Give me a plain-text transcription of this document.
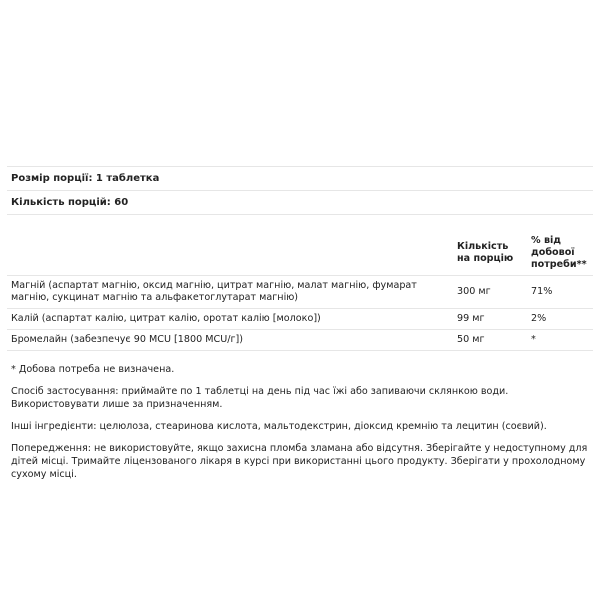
Розмір порції: 1 таблетка
Кількість порцій: 60
	Кількість на порцію	% від добової потреби**
Магній (аспартат магнію, оксид магнію, цитрат магнію, малат магнію, фумарат магнію, сукцинат магнію та альфакетоглутарат магнію)	300 мг	71%
Калій (аспартат калію, цитрат калію, оротат калію [молоко])	99 мг	2%
Бромелайн (забезпечує 90 MCU [1800 MCU/г])	50 мг	*

* Добова потреба не визначена.

Спосіб застосування: приймайте по 1 таблетці на день під час їжі або запиваючи склянкою води. Використовувати лише за призначенням.

Інші інгредієнти: целюлоза, стеаринова кислота, мальтодекстрин, діоксид кремнію та лецитин (соєвий).

Попередження: не використовуйте, якщо захисна пломба зламана або відсутня. Зберігайте у недоступному для дітей місці. Тримайте ліцензованого лікаря в курсі при використанні цього продукту. Зберігати у прохолодному сухому місці.
